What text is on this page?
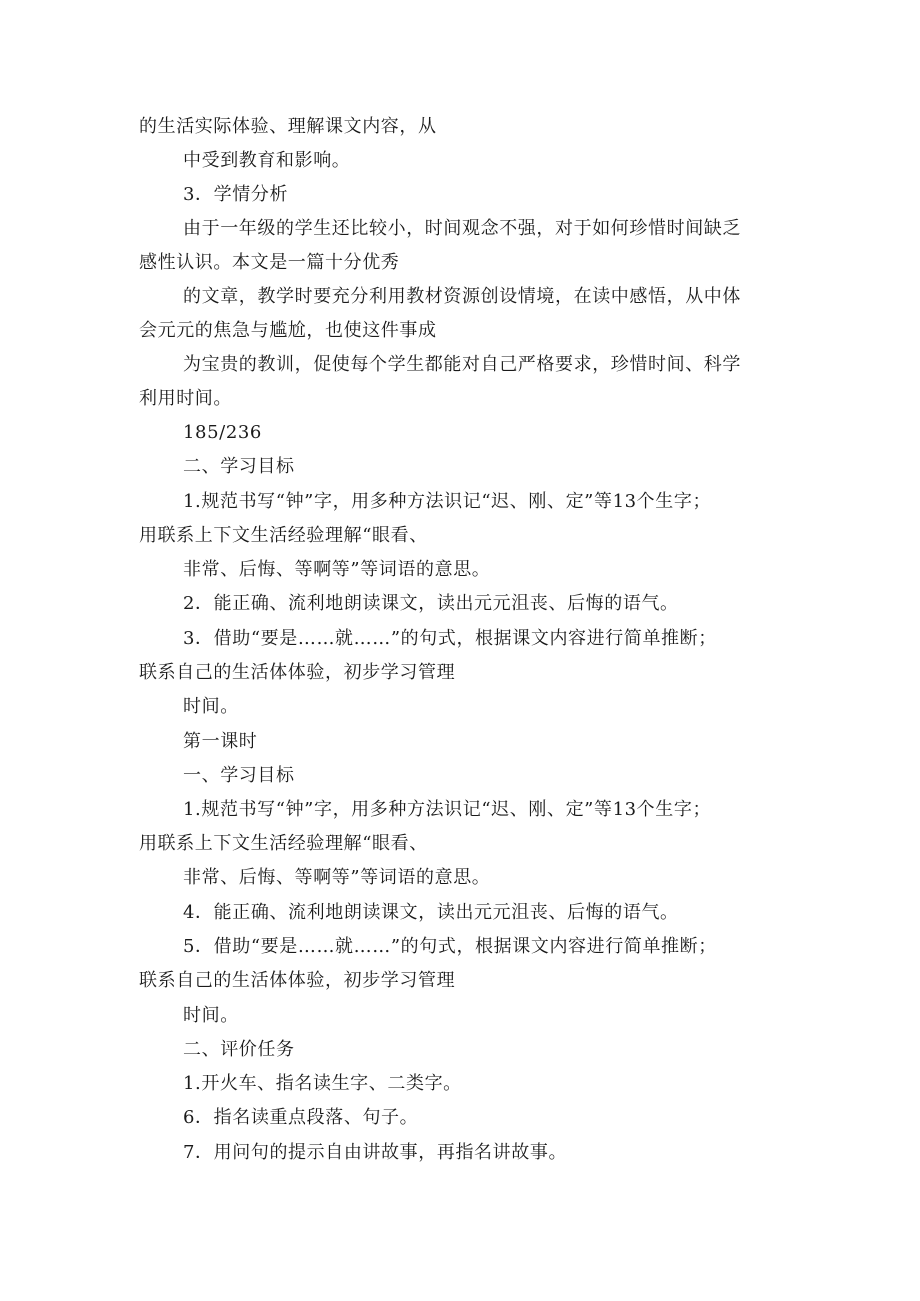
的生活实际体验、理解课文内容，从
中受到教育和影响。
3．学情分析
由于一年级的学生还比较小，时间观念不强，对于如何珍惜时间缺乏
感性认识。本文是一篇十分优秀
的文章，教学时要充分利用教材资源创设情境，在读中感悟，从中体
会元元的焦急与尴尬，也使这件事成
为宝贵的教训，促使每个学生都能对自己严格要求，珍惜时间、科学
利用时间。
185/236
二、学习目标
1.规范书写“钟”字，用多种方法识记“迟、刚、定”等13个生字；
用联系上下文生活经验理解“眼看、
非常、后悔、等啊等”等词语的意思。
2．能正确、流利地朗读课文，读出元元沮丧、后悔的语气。
3．借助“要是……就……”的句式，根据课文内容进行简单推断；
联系自己的生活体体验，初步学习管理
时间。
第一课时
一、学习目标
1.规范书写“钟”字，用多种方法识记“迟、刚、定”等13个生字；
用联系上下文生活经验理解“眼看、
非常、后悔、等啊等”等词语的意思。
4．能正确、流利地朗读课文，读出元元沮丧、后悔的语气。
5．借助“要是……就……”的句式，根据课文内容进行简单推断；
联系自己的生活体体验，初步学习管理
时间。
二、评价任务
1.开火车、指名读生字、二类字。
6．指名读重点段落、句子。
7．用问句的提示自由讲故事，再指名讲故事。
